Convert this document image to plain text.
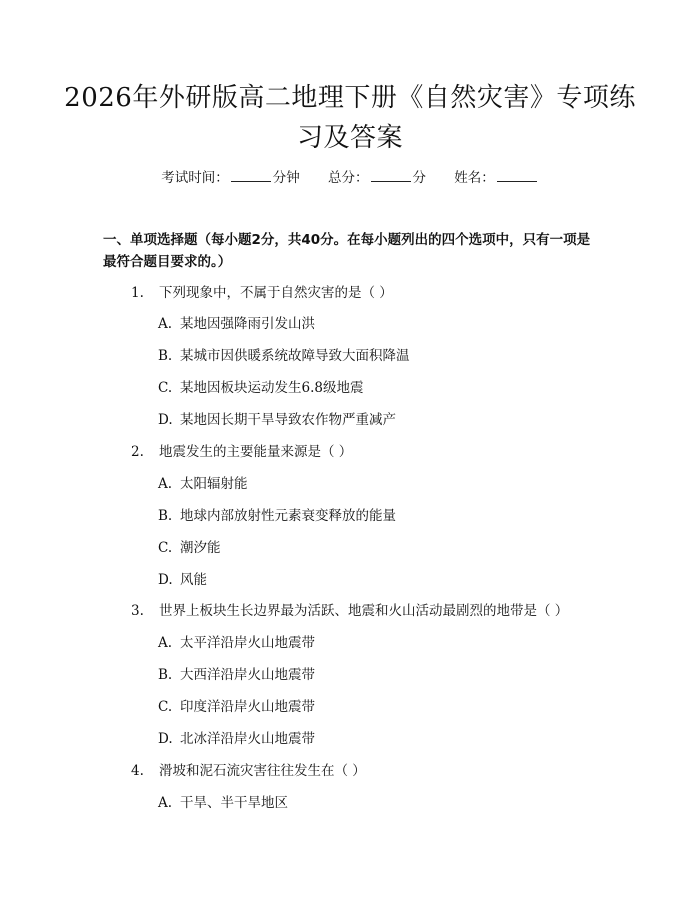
2026年外研版高二地理下册《自然灾害》专项练习及答案
考试时间：	分钟 总分：	分 姓名：
一、单项选择题（每小题2分，共40分。在每小题列出的四个选项中，只有一项是最符合题目要求的。）
1. 下列现象中，不属于自然灾害的是（ ）
A. 某地因强降雨引发山洪
B. 某城市因供暖系统故障导致大面积降温
C. 某地因板块运动发生6.8级地震
D. 某地因长期干旱导致农作物严重减产
2. 地震发生的主要能量来源是（ ）
A. 太阳辐射能
B. 地球内部放射性元素衰变释放的能量
C. 潮汐能
D. 风能
3. 世界上板块生长边界最为活跃、地震和火山活动最剧烈的地带是（ ）
A. 太平洋沿岸火山地震带
B. 大西洋沿岸火山地震带
C. 印度洋沿岸火山地震带
D. 北冰洋沿岸火山地震带
4. 滑坡和泥石流灾害往往发生在（ ）
A. 干旱、半干旱地区
